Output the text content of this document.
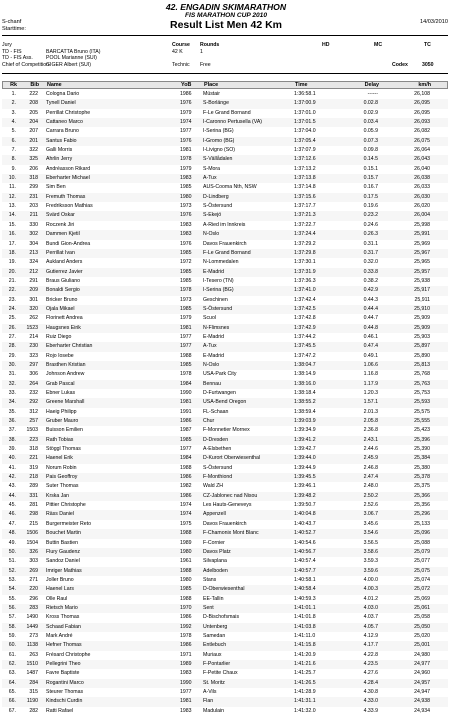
42. ENGADIN SKIMARATHON
FIS MARATHON CUP 2010
S-chanf
Starttime:
14/03/2010
Result List Men 42 Km
Jury	Course Rounds	HD	MC	TC
TD - FIS	BARCATTA Bruno (ITA)	42 K	1
TD - FIS Ass.	POOL Marianne (SUI)
Chief of Competition
GIGER Albert (SUI)	Technic Free	Codex	3050
Rk	Bib Name	YoB Place	Time	Delay	km/h
1.	222 Cologna Dario	1986 Müstair	1:36:58.1	------	26,108
2.	208 Tynell Daniel	1976 S-Borlänge	1:37:00.9	0.02.8	26,095
3.	205 Perrillat Christophe	1979 F-Le Grand Bornand	1:37:01.0	0.02.9	26,095
4.	204 Cattaneo Marco	1974 I-Caronno Pertusella (VA)	1:37:01.5	0.03.4	26,093
5.	207 Carrara Bruno	1977 I-Serina (BG)	1:37:04.0	0.05.9	26,082
6.	201 Santus Fabio	1976 I-Gromo (BG)	1:37:05.4	0.07.3	26,075
7.	322 Galli Morris	1981 I-Livigno (SO)	1:37:07.9	0.09.8	26,064
8.	325 Ahrlin Jerry	1978 S-Vällådalen	1:37:12.6	0.14.5	26,043
9.	206 Andréasson Rikard	1979 S-Mora	1:37:13.2	0.15.1	26,040
10.	318 Eberharter Michael	1983 A-Tux	1:37:13.8	0.15.7	26,038
11.	299 Sim Ben	1985 AUS-Cooma Nth, NSW	1:37:14.8	0.16.7	26,033
12.	231 Fremuth Thomas	1980 D-Lindberg	1:37:15.6	0.17.5	26,030
13.	203 Fredriksson Mathias	1973 S-Östersund	1:37:17.7	0.19.6	26,020
14.	211 Svärd Oskar	1976 S-Ekejö	1:37:21.3	0.23.2	26,004
15.	330 Roczenk Jiri	1983 A-Ried im Innkreis	1:37:22.7	0.24.6	25,998
16.	302 Dammen Kjetil	1983 N-Oslo	1:37:24.4	0.26.3	25,991
17.	304 Bundi Gion-Andrea	1976 Davos Frauenkirch	1:37:29.2	0.31.1	25,969
18.	213 Perrillat Ivan	1985 F-Le Grand Bornand	1:37:29.8	0.31.7	25,967
19.	324 Aukland Anders	1972 N-Lommedalen	1:37:30.1	0.32.0	25,965
20.	212 Gutierrez Javier	1985 E-Madrid	1:37:31.9	0.33.8	25,957
21.	291 Braus Giuliano	1985 I-Tesero (TN)	1:37:36.3	0.38.2	25,938
22.	209 Bonaldi Sergio	1978 I-Serina (BG)	1:37:41.0	0.42.9	25,917
23.	301 Bricker Bruno	1973 Geschinen	1:37:42.4	0.44.3	25,911
24.	320 Ojala Mikael	1985 S-Östersund	1:37:42.5	0.44.4	25,910
25.	262 Florinett Andrea	1979 Scuol	1:37:42.8	0.44.7	25,909
26.	1523 Haugsnes Eirik	1981 N-Flimsnes	1:37:42.9	0.44.8	25,909
27.	214 Ruiz Diego	1977 E-Madrid	1:37:44.2	0.46.1	25,903
28.	230 Eberharter Christian	1977 A-Tux	1:37:45.5	0.47.4	25,897
29.	323 Rojo Iosebe	1988 E-Madrid	1:37:47.2	0.49.1	25,890
30.	297 Brasthen Kristian	1985 N-Oslo	1:38:04.7	1.06.6	25,813
31.	306 Johnson Andrew	1978 USA-Park City	1:38:14.9	1.16.8	25,768
32.	264 Grab Pascal	1984 Bennau	1:38:16.0	1.17.9	25,763
33.	232 Ebner Lukas	1990 D-Furtwangen	1:38:18.4	1.20.3	25,753
34.	292 Greene Marshall	1981 USA-Bend Oregon	1:38:55.2	1.57.1	25,593
35.	312 Haeig Philipp	1991 FL-Schaan	1:38:59.4	2.01.3	25,575
36.	257 Gruber Mauro	1986 Chur	1:39:03.9	2.05.8	25,555
37.	1503 Buisson Emilien	1987 F-Monnetier Mornex	1:39:34.9	2.36.8	25,423
38.	223 Rath Tobias	1985 D-Dresden	1:39:41.2	2.43.1	25,396
39.	318 Stöggl Thomas	1977 A-Elsbethen	1:39:42.7	2.44.6	25,390
40.	221 Haenel Erik	1984 D-Kurort Oberwiesenthal	1:39:44.0	2.45.9	25,384
41.	319 Norum Robin	1988 S-Östersund	1:39:44.9	2.46.8	25,380
42.	218 Pais Geoffroy	1986 F-Monthiond	1:39:45.5	2.47.4	25,378
43.	289 Suter Thomas	1982 Wald ZH	1:39:46.1	2.48.0	25,375
44.	331 Krska Jan	1986 CZ-Jablonec nad Nisou	1:39:48.2	2.50.2	25,366
45.	281 Pittier Christophe	1974 Les Hauts-Geneveys	1:39:50.7	2.52.6	25,356
46.	298 Räss Daniel	1974 Appenzell	1:40:04.8	3.06.7	25,296
47.	215 Burgermeister Reto	1975 Davos Frauenkirch	1:40:43.7	3.45.6	25,133
48.	1506 Bouchet Martin	1988 F-Chamonix Mont Blanc	1:40:52.7	3.54.6	25,096
49.	1504 Buttin Bastien	1989 F-Cornier	1:40:54.6	3.56.5	25,088
50.	326 Flury Gaudenz	1980 Davos Platz	1:40:56.7	3.58.6	25,079
51.	303 Sandoz Daniel	1961 Silvaplana	1:40:57.4	3.59.3	25,077
52.	269 Imriger Mathias	1988 Adelboden	1:40:57.7	3.59.6	25,075
53.	271 Joller Bruno	1980 Stans	1:40:58.1	4.00.0	25,074
54.	220 Haenel Lars	1985 D-Oberwiesenthal	1:40:58.4	4.00.3	25,072
55.	296 Olle Raul	1988 EE-Tallin	1:40:59.3	4.01.2	25,069
56.	283 Rietsch Mario	1970 Sent	1:41:01.1	4.03.0	25,061
57.	1490 Kross Thomas	1986 D-Bischofsmais	1:41:01.8	4.03.7	25,058
58.	1449 Schaad Fabian	1992 Untenberg	1:41:03.8	4.05.7	25,050
59.	273 Mark André	1978 Samedan	1:41:11.0	4.12.9	25,020
60.	1138 Hefner Thomas	1986 Entlebuch	1:41:15.8	4.17.7	25,001
61.	263 Frésard Christophe	1971 Muriaux	1:41:20.9	4.22.8	24,980
62.	1510 Pellegrini Theo	1989 F-Pontarlier	1:41:21.6	4.23.5	24,977
63.	1487 Favre Baptiste	1983 F-Petite Chaux	1:41:25.7	4.27.6	24,960
64.	284 Rogantini Marco	1990 St. Moritz	1:41:26.5	4.28.4	24,957
65.	315 Steurer Thomas	1977 A-Vils	1:41:28.9	4.30.8	24,947
66.	1190 Kindschi Curdin	1981 Flan	1:41:31.1	4.33.0	24,938
67.	282 Ratti Rafael	1983 Madulain	1:41:32.0	4.33.9	24,934
